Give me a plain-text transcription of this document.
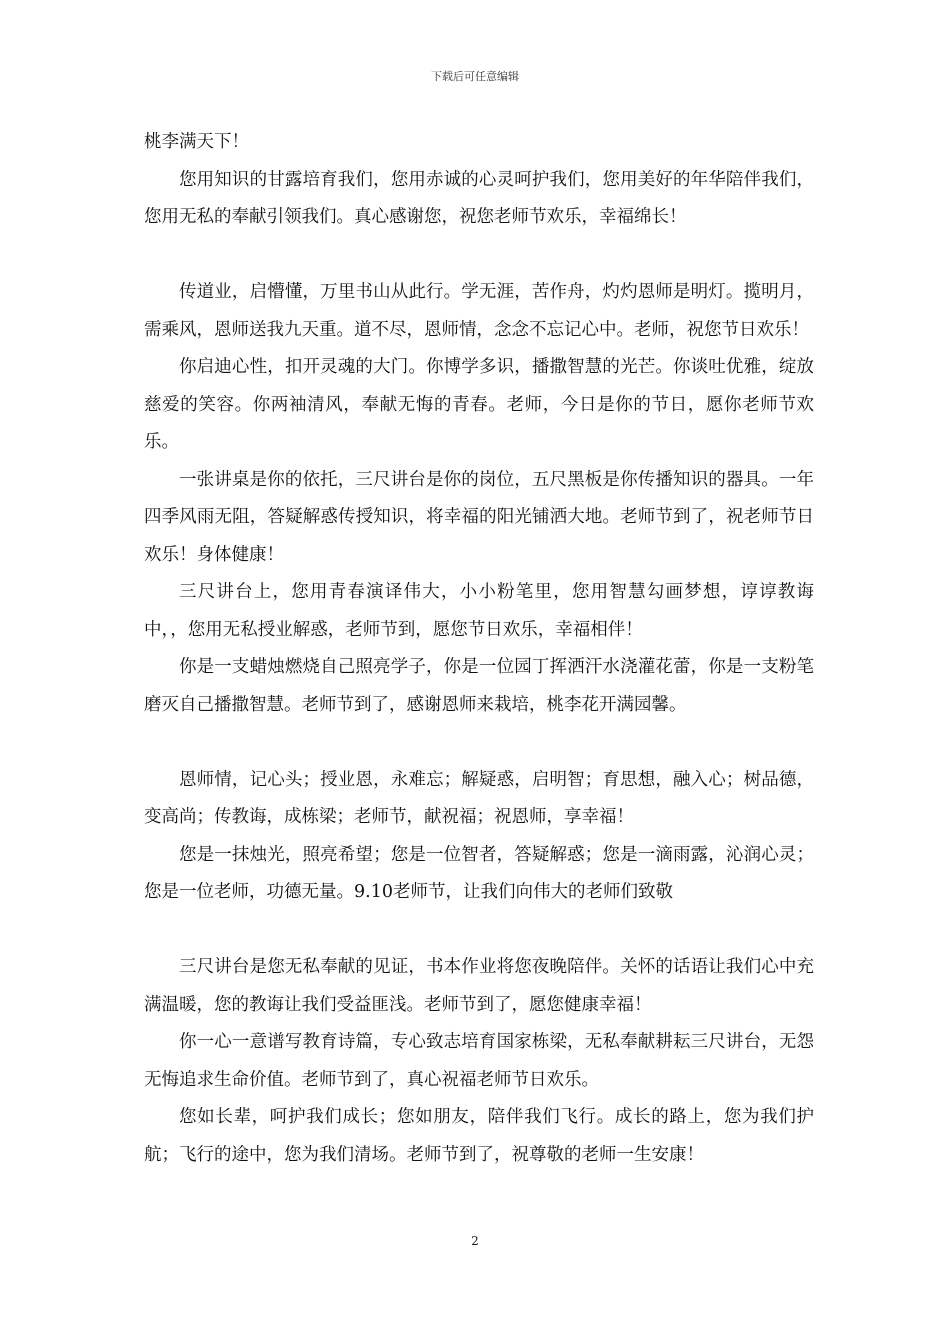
下载后可任意编辑

桃李满天下！

您用知识的甘露培育我们，您用赤诚的心灵呵护我们，您用美好的年华陪伴我们，您用无私的奉献引领我们。真心感谢您，祝您老师节欢乐，幸福绵长！

传道业，启懵懂，万里书山从此行。学无涯，苦作舟，灼灼恩师是明灯。揽明月，需乘风，恩师送我九天重。道不尽，恩师情，念念不忘记心中。老师，祝您节日欢乐！

你启迪心性，扣开灵魂的大门。你博学多识，播撒智慧的光芒。你谈吐优雅，绽放慈爱的笑容。你两袖清风，奉献无悔的青春。老师，今日是你的节日，愿你老师节欢乐。

一张讲桌是你的依托，三尺讲台是你的岗位，五尺黑板是你传播知识的器具。一年四季风雨无阻，答疑解惑传授知识，将幸福的阳光铺洒大地。老师节到了，祝老师节日欢乐！身体健康！

三尺讲台上，您用青春演译伟大，小小粉笔里，您用智慧勾画梦想，谆谆教诲中，，您用无私授业解惑，老师节到，愿您节日欢乐，幸福相伴！

你是一支蜡烛燃烧自己照亮学子，你是一位园丁挥洒汗水浇灌花蕾，你是一支粉笔磨灭自己播撒智慧。老师节到了，感谢恩师来栽培，桃李花开满园馨。

恩师情，记心头；授业恩，永难忘；解疑惑，启明智；育思想，融入心；树品德，变高尚；传教诲，成栋梁；老师节，献祝福；祝恩师，享幸福！

您是一抹烛光，照亮希望；您是一位智者，答疑解惑；您是一滴雨露，沁润心灵；您是一位老师，功德无量。9.10老师节，让我们向伟大的老师们致敬

三尺讲台是您无私奉献的见证，书本作业将您夜晚陪伴。关怀的话语让我们心中充满温暖，您的教诲让我们受益匪浅。老师节到了，愿您健康幸福！

你一心一意谱写教育诗篇，专心致志培育国家栋梁，无私奉献耕耘三尺讲台，无怨无悔追求生命价值。老师节到了，真心祝福老师节日欢乐。

您如长辈，呵护我们成长；您如朋友，陪伴我们飞行。成长的路上，您为我们护航；飞行的途中，您为我们清场。老师节到了，祝尊敬的老师一生安康！

2
